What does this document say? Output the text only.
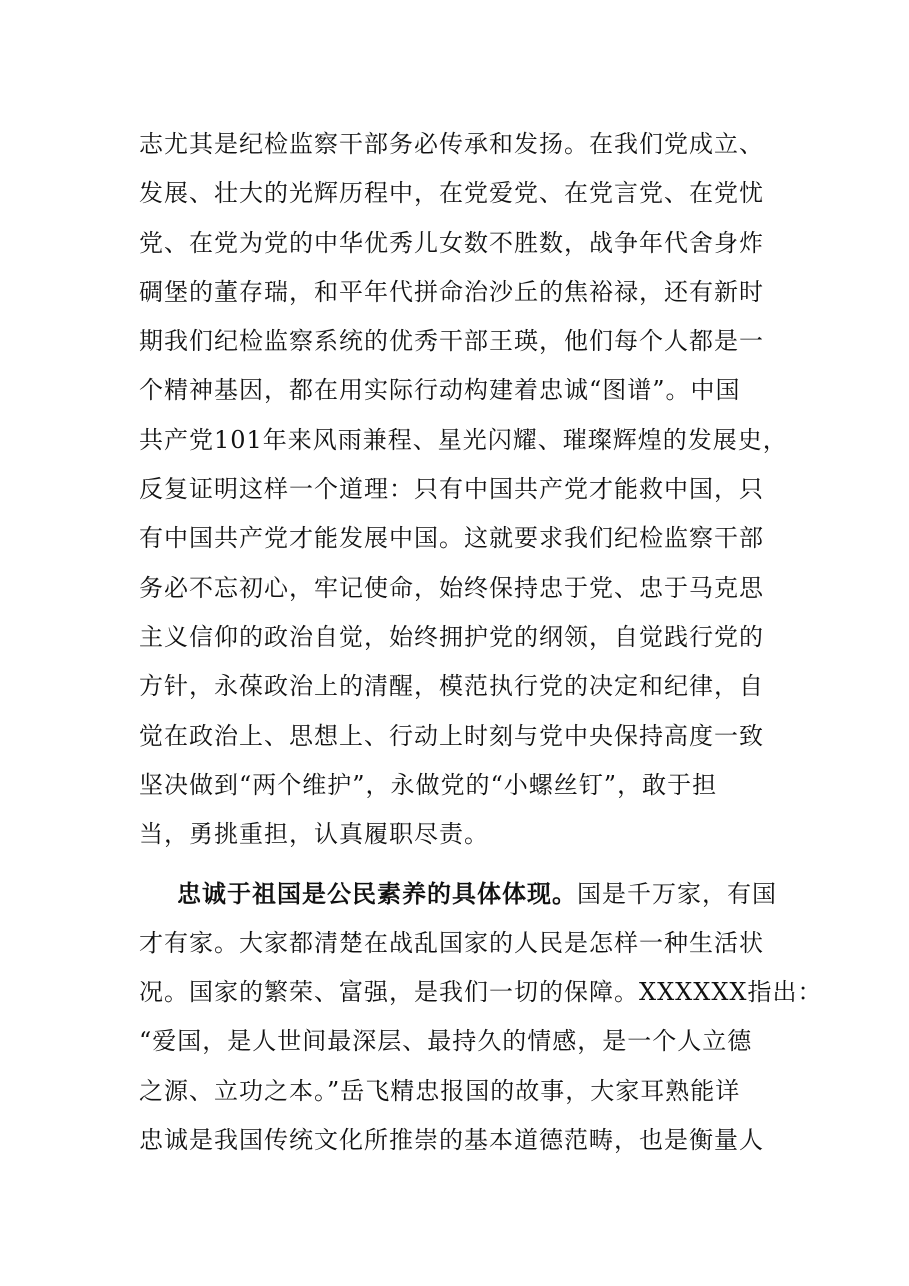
志尤其是纪检监察干部务必传承和发扬。在我们党成立、
发展、壮大的光辉历程中，在党爱党、在党言党、在党忧
党、在党为党的中华优秀儿女数不胜数，战争年代舍身炸
碉堡的董存瑞，和平年代拼命治沙丘的焦裕禄，还有新时
期我们纪检监察系统的优秀干部王瑛，他们每个人都是一
个精神基因，都在用实际行动构建着忠诚“图谱”。中国
共产党101年来风雨兼程、星光闪耀、璀璨辉煌的发展史，
反复证明这样一个道理：只有中国共产党才能救中国，只
有中国共产党才能发展中国。这就要求我们纪检监察干部
务必不忘初心，牢记使命，始终保持忠于党、忠于马克思
主义信仰的政治自觉，始终拥护党的纲领，自觉践行党的
方针，永葆政治上的清醒，模范执行党的决定和纪律，自
觉在政治上、思想上、行动上时刻与党中央保持高度一致
坚决做到“两个维护”，永做党的“小螺丝钉”，敢于担
当，勇挑重担，认真履职尽责。
忠诚于祖国是公民素养的具体体现。国是千万家，有国
才有家。大家都清楚在战乱国家的人民是怎样一种生活状
况。国家的繁荣、富强，是我们一切的保障。XXXXXX指出：
“爱国，是人世间最深层、最持久的情感，是一个人立德
之源、立功之本。”岳飞精忠报国的故事，大家耳熟能详
忠诚是我国传统文化所推崇的基本道德范畴，也是衡量人
